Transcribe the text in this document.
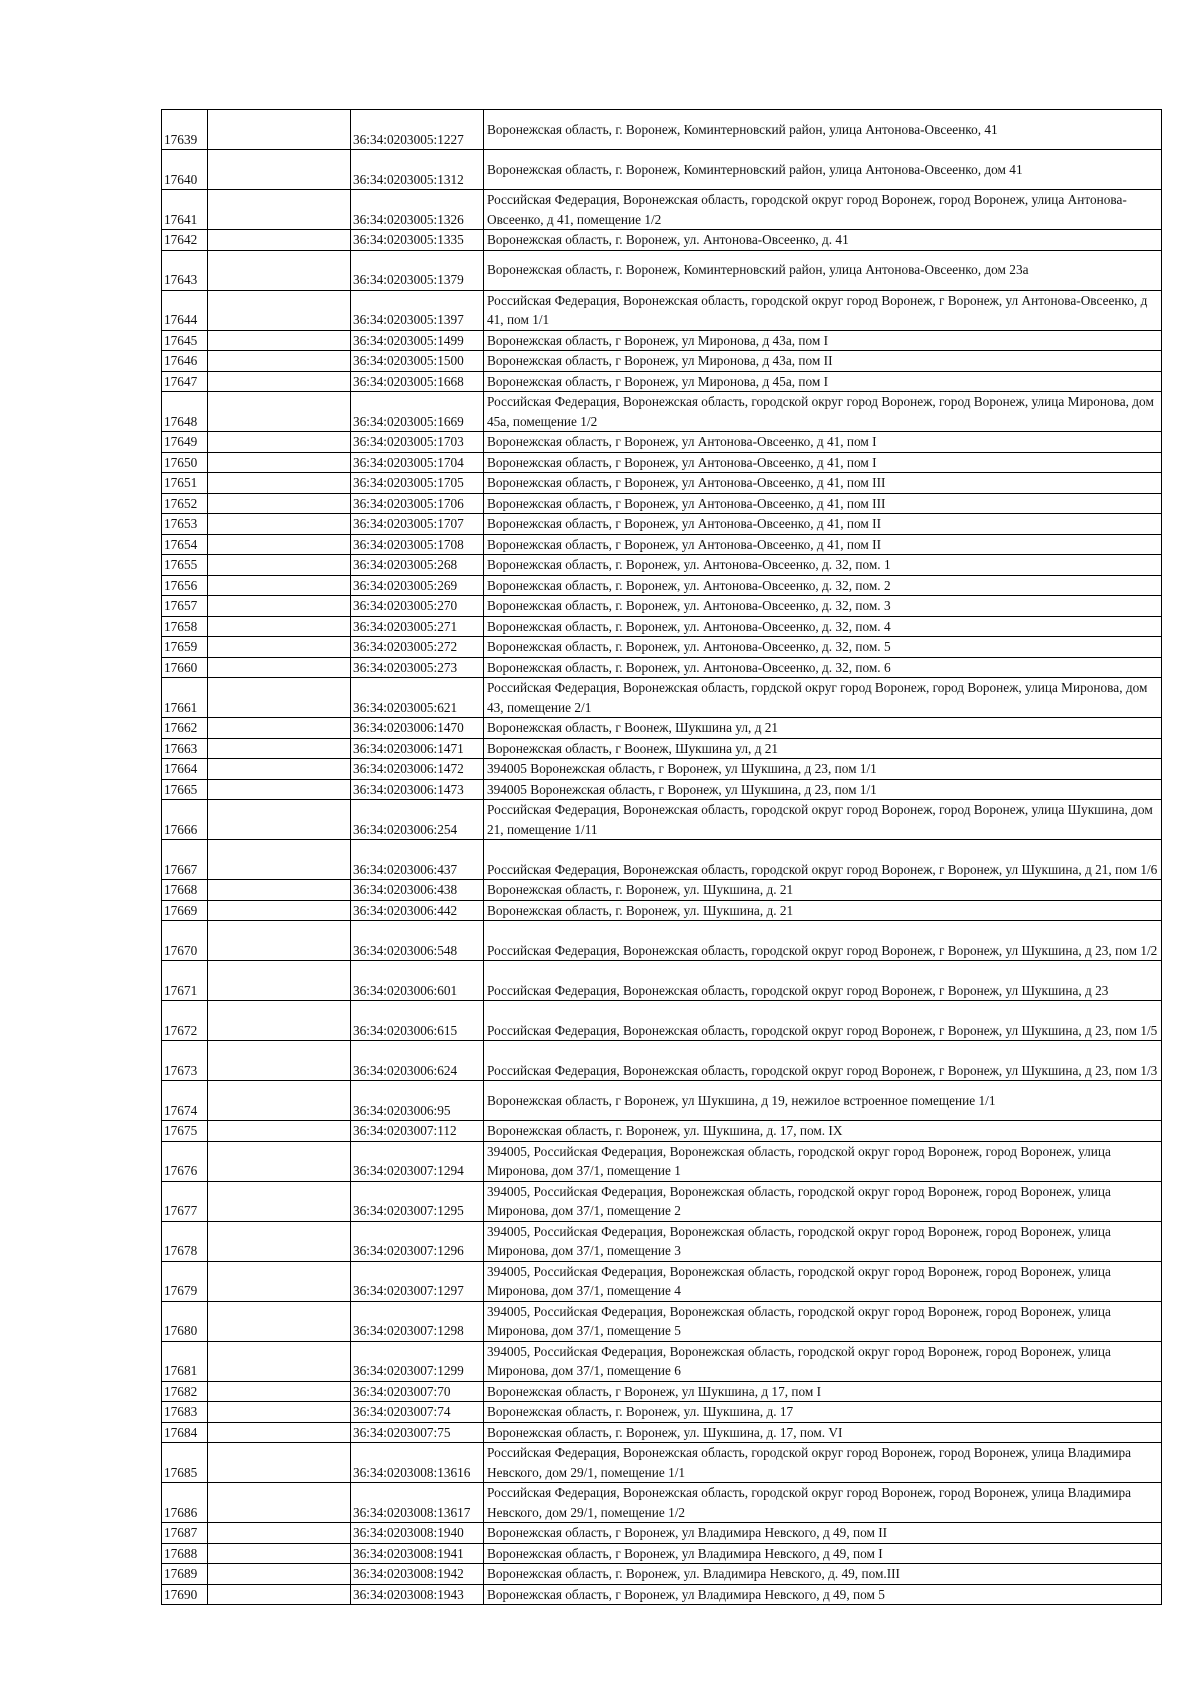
17639		36:34:0203005:1227	Воронежская область, г. Воронеж, Коминтерновский район, улица Антонова-Овсеенко, 41
17640		36:34:0203005:1312	Воронежская область, г. Воронеж, Коминтерновский район, улица Антонова-Овсеенко, дом 41
17641		36:34:0203005:1326	Российская Федерация, Воронежская область, городской округ город Воронеж, город Воронеж, улица Антонова-Овсеенко, д 41, помещение 1/2
17642		36:34:0203005:1335	Воронежская область, г. Воронеж, ул. Антонова-Овсеенко, д. 41
17643		36:34:0203005:1379	Воронежская область, г. Воронеж, Коминтерновский район, улица Антонова-Овсеенко, дом 23а
17644		36:34:0203005:1397	Российская Федерация, Воронежская область, городской округ город Воронеж, г Воронеж, ул Антонова-Овсеенко, д 41, пом 1/1
17645		36:34:0203005:1499	Воронежская область, г Воронеж, ул Миронова, д 43а, пом I
17646		36:34:0203005:1500	Воронежская область, г Воронеж, ул Миронова, д 43а, пом II
17647		36:34:0203005:1668	Воронежская область, г Воронеж, ул Миронова, д 45а, пом I
17648		36:34:0203005:1669	Российская Федерация, Воронежская область, городской округ город Воронеж, город Воронеж, улица Миронова, дом 45а, помещение 1/2
17649		36:34:0203005:1703	Воронежская область, г Воронеж, ул Антонова-Овсеенко, д 41, пом I
17650		36:34:0203005:1704	Воронежская область, г Воронеж, ул Антонова-Овсеенко, д 41, пом I
17651		36:34:0203005:1705	Воронежская область, г Воронеж, ул Антонова-Овсеенко, д 41, пом III
17652		36:34:0203005:1706	Воронежская область, г Воронеж, ул Антонова-Овсеенко, д 41, пом III
17653		36:34:0203005:1707	Воронежская область, г Воронеж, ул Антонова-Овсеенко, д 41, пом II
17654		36:34:0203005:1708	Воронежская область, г Воронеж, ул Антонова-Овсеенко, д 41, пом II
17655		36:34:0203005:268	Воронежская область, г. Воронеж, ул. Антонова-Овсеенко, д. 32, пом. 1
17656		36:34:0203005:269	Воронежская область, г. Воронеж, ул. Антонова-Овсеенко, д. 32, пом. 2
17657		36:34:0203005:270	Воронежская область, г. Воронеж, ул. Антонова-Овсеенко, д. 32, пом. 3
17658		36:34:0203005:271	Воронежская область, г. Воронеж, ул. Антонова-Овсеенко, д. 32, пом. 4
17659		36:34:0203005:272	Воронежская область, г. Воронеж, ул. Антонова-Овсеенко, д. 32, пом. 5
17660		36:34:0203005:273	Воронежская область, г. Воронеж, ул. Антонова-Овсеенко, д. 32, пом. 6
17661		36:34:0203005:621	Российская Федерация, Воронежская область, гордской округ город Воронеж, город Воронеж, улица Миронова, дом 43, помещение 2/1
17662		36:34:0203006:1470	Воронежская область, г Воонеж, Шукшина ул, д 21
17663		36:34:0203006:1471	Воронежская область, г Воонеж, Шукшина ул, д 21
17664		36:34:0203006:1472	394005 Воронежская область, г Воронеж, ул Шукшина, д 23, пом 1/1
17665		36:34:0203006:1473	394005 Воронежская область, г Воронеж, ул Шукшина, д 23, пом 1/1
17666		36:34:0203006:254	Российская Федерация, Воронежская область, городской округ город Воронеж, город Воронеж, улица Шукшина, дом 21, помещение 1/11
17667		36:34:0203006:437	Российская Федерация, Воронежская область, городской округ город Воронеж, г Воронеж, ул Шукшина, д 21, пом 1/6
17668		36:34:0203006:438	Воронежская область, г. Воронеж, ул. Шукшина, д. 21
17669		36:34:0203006:442	Воронежская область, г. Воронеж, ул. Шукшина, д. 21
17670		36:34:0203006:548	Российская Федерация, Воронежская область, городской округ город Воронеж, г Воронеж, ул Шукшина, д 23, пом 1/2
17671		36:34:0203006:601	Российская Федерация, Воронежская область, городской округ город Воронеж, г Воронеж, ул Шукшина, д 23
17672		36:34:0203006:615	Российская Федерация, Воронежская область, городской округ город Воронеж, г Воронеж, ул Шукшина, д 23, пом 1/5
17673		36:34:0203006:624	Российская Федерация, Воронежская область, городской округ город Воронеж, г Воронеж, ул Шукшина, д 23, пом 1/3
17674		36:34:0203006:95	Воронежская область, г Воронеж, ул Шукшина, д 19, нежилое встроенное помещение 1/1
17675		36:34:0203007:112	Воронежская область, г. Воронеж, ул. Шукшина, д. 17, пом. IX
17676		36:34:0203007:1294	394005, Российская Федерация, Воронежская область, городской округ город Воронеж, город Воронеж, улица Миронова, дом 37/1, помещение 1
17677		36:34:0203007:1295	394005, Российская Федерация, Воронежская область, городской округ город Воронеж, город Воронеж, улица Миронова, дом 37/1, помещение 2
17678		36:34:0203007:1296	394005, Российская Федерация, Воронежская область, городской округ город Воронеж, город Воронеж, улица Миронова, дом 37/1, помещение 3
17679		36:34:0203007:1297	394005, Российская Федерация, Воронежская область, городской округ город Воронеж, город Воронеж, улица Миронова, дом 37/1, помещение 4
17680		36:34:0203007:1298	394005, Российская Федерация, Воронежская область, городской округ город Воронеж, город Воронеж, улица Миронова, дом 37/1, помещение 5
17681		36:34:0203007:1299	394005, Российская Федерация, Воронежская область, городской округ город Воронеж, город Воронеж, улица Миронова, дом 37/1, помещение 6
17682		36:34:0203007:70	Воронежская область, г Воронеж, ул Шукшина, д 17, пом I
17683		36:34:0203007:74	Воронежская область, г. Воронеж, ул. Шукшина, д. 17
17684		36:34:0203007:75	Воронежская область, г. Воронеж, ул. Шукшина, д. 17, пом. VI
17685		36:34:0203008:13616	Российская Федерация, Воронежская область, городской округ город Воронеж, город Воронеж, улица Владимира Невского, дом 29/1, помещение 1/1
17686		36:34:0203008:13617	Российская Федерация, Воронежская область, городской округ город Воронеж, город Воронеж, улица Владимира Невского, дом 29/1, помещение 1/2
17687		36:34:0203008:1940	Воронежская область, г Воронеж, ул Владимира Невского, д 49, пом II
17688		36:34:0203008:1941	Воронежская область, г Воронеж, ул Владимира Невского, д 49, пом I
17689		36:34:0203008:1942	Воронежская область, г. Воронеж, ул. Владимира Невского, д. 49, пом.III
17690		36:34:0203008:1943	Воронежская область, г Воронеж, ул Владимира Невского, д 49, пом 5
